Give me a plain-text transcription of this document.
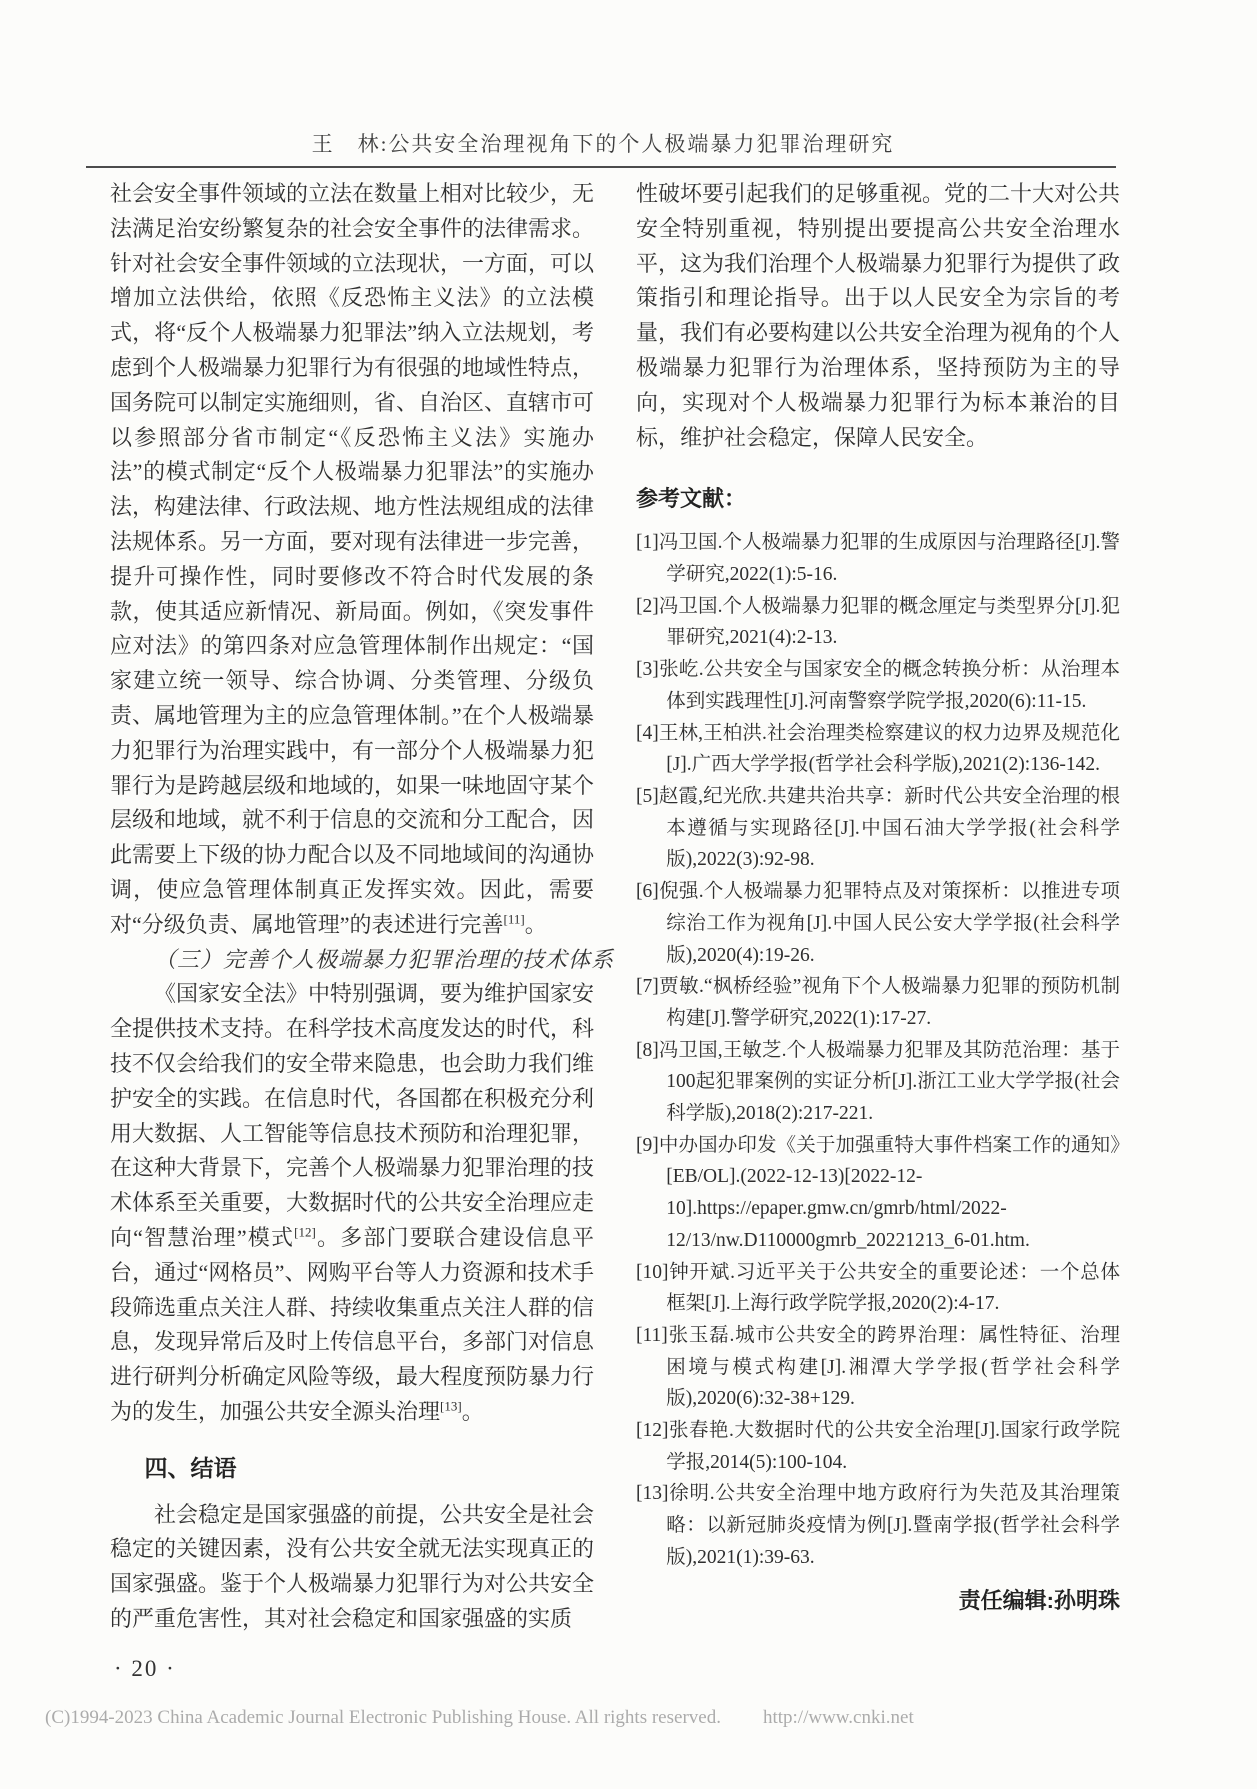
王　林:公共安全治理视角下的个人极端暴力犯罪治理研究

社会安全事件领域的立法在数量上相对比较少，无法满足治安纷繁复杂的社会安全事件的法律需求。针对社会安全事件领域的立法现状，一方面，可以增加立法供给，依照《反恐怖主义法》的立法模式，将“反个人极端暴力犯罪法”纳入立法规划，考虑到个人极端暴力犯罪行为有很强的地域性特点，国务院可以制定实施细则，省、自治区、直辖市可以参照部分省市制定“《反恐怖主义法》实施办法”的模式制定“反个人极端暴力犯罪法”的实施办法，构建法律、行政法规、地方性法规组成的法律法规体系。另一方面，要对现有法律进一步完善，提升可操作性，同时要修改不符合时代发展的条款，使其适应新情况、新局面。例如，《突发事件应对法》的第四条对应急管理体制作出规定：“国家建立统一领导、综合协调、分类管理、分级负责、属地管理为主的应急管理体制。”在个人极端暴力犯罪行为治理实践中，有一部分个人极端暴力犯罪行为是跨越层级和地域的，如果一味地固守某个层级和地域，就不利于信息的交流和分工配合，因此需要上下级的协力配合以及不同地域间的沟通协调，使应急管理体制真正发挥实效。因此，需要对“分级负责、属地管理”的表述进行完善[11]。

（三）完善个人极端暴力犯罪治理的技术体系

《国家安全法》中特别强调，要为维护国家安全提供技术支持。在科学技术高度发达的时代，科技不仅会给我们的安全带来隐患，也会助力我们维护安全的实践。在信息时代，各国都在积极充分利用大数据、人工智能等信息技术预防和治理犯罪，在这种大背景下，完善个人极端暴力犯罪治理的技术体系至关重要，大数据时代的公共安全治理应走向“智慧治理”模式[12]。多部门要联合建设信息平台，通过“网格员”、网购平台等人力资源和技术手段筛选重点关注人群、持续收集重点关注人群的信息，发现异常后及时上传信息平台，多部门对信息进行研判分析确定风险等级，最大程度预防暴力行为的发生，加强公共安全源头治理[13]。

四、结语

社会稳定是国家强盛的前提，公共安全是社会稳定的关键因素，没有公共安全就无法实现真正的国家强盛。鉴于个人极端暴力犯罪行为对公共安全的严重危害性，其对社会稳定和国家强盛的实质

性破坏要引起我们的足够重视。党的二十大对公共安全特别重视，特别提出要提高公共安全治理水平，这为我们治理个人极端暴力犯罪行为提供了政策指引和理论指导。出于以人民安全为宗旨的考量，我们有必要构建以公共安全治理为视角的个人极端暴力犯罪行为治理体系，坚持预防为主的导向，实现对个人极端暴力犯罪行为标本兼治的目标，维护社会稳定，保障人民安全。

参考文献：
[1]冯卫国.个人极端暴力犯罪的生成原因与治理路径[J].警学研究,2022(1):5-16.
[2]冯卫国.个人极端暴力犯罪的概念厘定与类型界分[J].犯罪研究,2021(4):2-13.
[3]张屹.公共安全与国家安全的概念转换分析：从治理本体到实践理性[J].河南警察学院学报,2020(6):11-15.
[4]王林,王柏洪.社会治理类检察建议的权力边界及规范化[J].广西大学学报(哲学社会科学版),2021(2):136-142.
[5]赵霞,纪光欣.共建共治共享：新时代公共安全治理的根本遵循与实现路径[J].中国石油大学学报(社会科学版),2022(3):92-98.
[6]倪强.个人极端暴力犯罪特点及对策探析：以推进专项综治工作为视角[J].中国人民公安大学学报(社会科学版),2020(4):19-26.
[7]贾敏.“枫桥经验”视角下个人极端暴力犯罪的预防机制构建[J].警学研究,2022(1):17-27.
[8]冯卫国,王敏芝.个人极端暴力犯罪及其防范治理：基于100起犯罪案例的实证分析[J].浙江工业大学学报(社会科学版),2018(2):217-221.
[9]中办国办印发《关于加强重特大事件档案工作的通知》[EB/OL].(2022-12-13)[2022-12-10].https://epaper.gmw.cn/gmrb/html/2022-12/13/nw.D110000gmrb_20221213_6-01.htm.
[10]钟开斌.习近平关于公共安全的重要论述：一个总体框架[J].上海行政学院学报,2020(2):4-17.
[11]张玉磊.城市公共安全的跨界治理：属性特征、治理困境与模式构建[J].湘潭大学学报(哲学社会科学版),2020(6):32-38+129.
[12]张春艳.大数据时代的公共安全治理[J].国家行政学院学报,2014(5):100-104.
[13]徐明.公共安全治理中地方政府行为失范及其治理策略：以新冠肺炎疫情为例[J].暨南学报(哲学社会科学版),2021(1):39-63.
责任编辑:孙明珠
· 20 ·
(C)1994-2023 China Academic Journal Electronic Publishing House. All rights reserved. http://www.cnki.net
